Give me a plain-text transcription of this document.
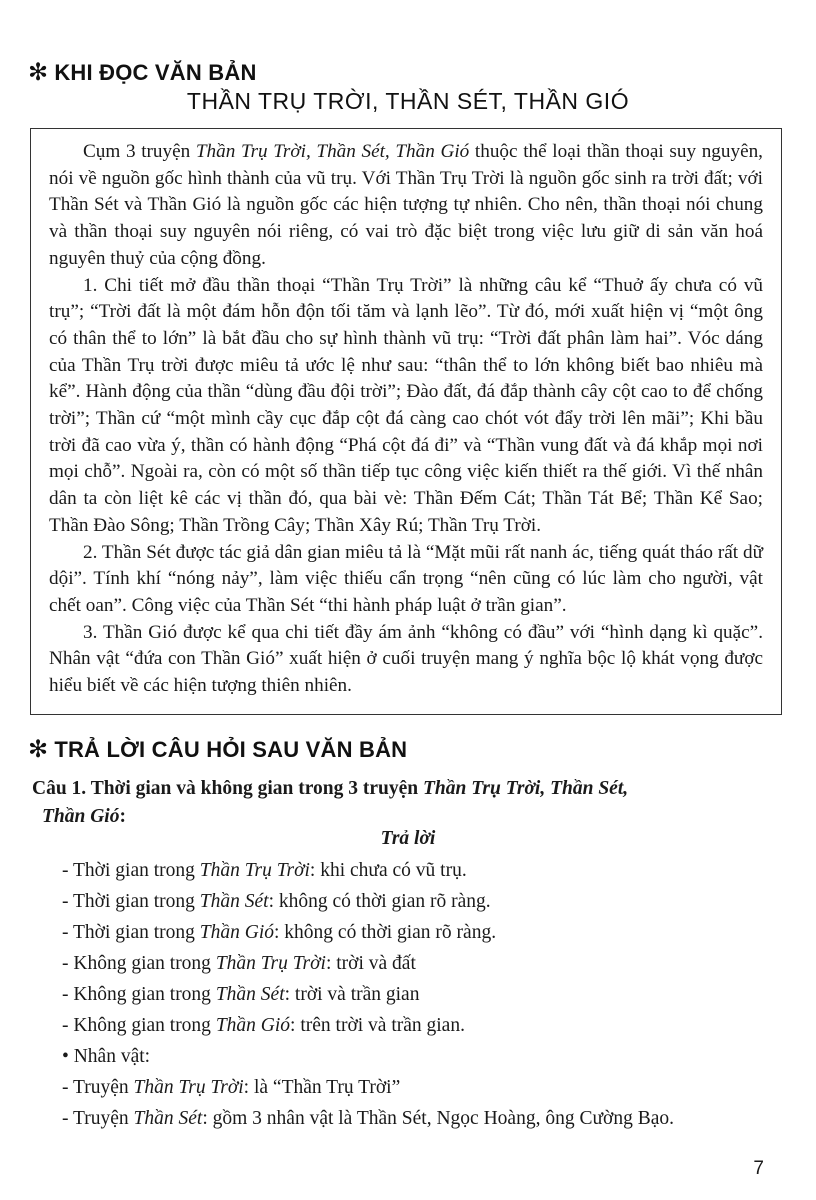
✻ KHI ĐỌC VĂN BẢN
THẦN TRỤ TRỜI, THẦN SÉT, THẦN GIÓ

Cụm 3 truyện Thần Trụ Trời, Thần Sét, Thần Gió thuộc thể loại thần thoại suy nguyên, nói về nguồn gốc hình thành của vũ trụ. Với Thần Trụ Trời là nguồn gốc sinh ra trời đất; với Thần Sét và Thần Gió là nguồn gốc các hiện tượng tự nhiên. Cho nên, thần thoại nói chung và thần thoại suy nguyên nói riêng, có vai trò đặc biệt trong việc lưu giữ di sản văn hoá nguyên thuỷ của cộng đồng.

1. Chi tiết mở đầu thần thoại “Thần Trụ Trời” là những câu kể “Thuở ấy chưa có vũ trụ”; “Trời đất là một đám hỗn độn tối tăm và lạnh lẽo”. Từ đó, mới xuất hiện vị “một ông có thân thể to lớn” là bắt đầu cho sự hình thành vũ trụ: “Trời đất phân làm hai”. Vóc dáng của Thần Trụ trời được miêu tả ước lệ như sau: “thân thể to lớn không biết bao nhiêu mà kể”. Hành động của thần “dùng đầu đội trời”; Đào đất, đá đắp thành cây cột cao to để chống trời”; Thần cứ “một mình cầy cục đắp cột đá càng cao chót vót đẩy trời lên mãi”; Khi bầu trời đã cao vừa ý, thần có hành động “Phá cột đá đi” và “Thần vung đất và đá khắp mọi nơi mọi chỗ”. Ngoài ra, còn có một số thần tiếp tục công việc kiến thiết ra thế giới. Vì thế nhân dân ta còn liệt kê các vị thần đó, qua bài vè: Thần Đếm Cát; Thần Tát Bể; Thần Kể Sao; Thần Đào Sông; Thần Trồng Cây; Thần Xây Rú; Thần Trụ Trời.

2. Thần Sét được tác giả dân gian miêu tả là “Mặt mũi rất nanh ác, tiếng quát tháo rất dữ dội”. Tính khí “nóng nảy”, làm việc thiếu cẩn trọng “nên cũng có lúc làm cho người, vật chết oan”. Công việc của Thần Sét “thi hành pháp luật ở trần gian”.

3. Thần Gió được kể qua chi tiết đầy ám ảnh “không có đầu” với “hình dạng kì quặc”. Nhân vật “đứa con Thần Gió” xuất hiện ở cuối truyện mang ý nghĩa bộc lộ khát vọng được hiểu biết về các hiện tượng thiên nhiên.

✻ TRẢ LỜI CÂU HỎI SAU VĂN BẢN
Câu 1. Thời gian và không gian trong 3 truyện Thần Trụ Trời, Thần Sét,
Thần Gió:
Trả lời
- Thời gian trong Thần Trụ Trời: khi chưa có vũ trụ.
- Thời gian trong Thần Sét: không có thời gian rõ ràng.
- Thời gian trong Thần Gió: không có thời gian rõ ràng.
- Không gian trong Thần Trụ Trời: trời và đất
- Không gian trong Thần Sét: trời và trần gian
- Không gian trong Thần Gió: trên trời và trần gian.
• Nhân vật:
- Truyện Thần Trụ Trời: là “Thần Trụ Trời”
- Truyện Thần Sét: gồm 3 nhân vật là Thần Sét, Ngọc Hoàng, ông Cường Bạo.
7
